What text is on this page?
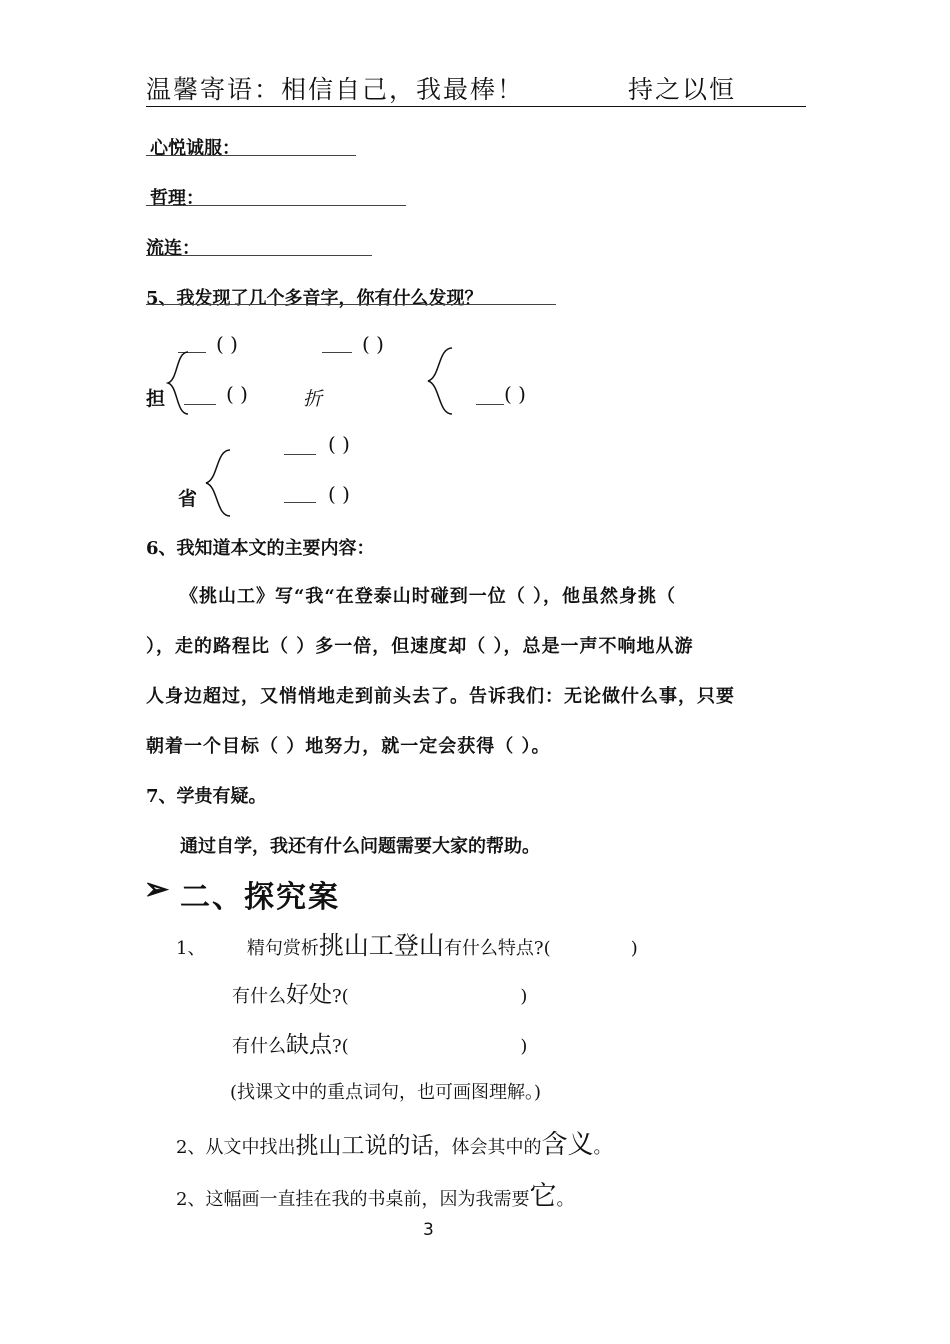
温馨寄语：相信自己，我最棒！	持之以恒
心悦诚服：
哲理：
流连：
5、我发现了几个多音字，你有什么发现？
( )
担	( )	折
( )
( )
( )
省	( )
6、我知道本文的主要内容：
《挑山工》写“我“在登泰山时碰到一位（ ），他虽然身挑（
），走的路程比（ ）多一倍，但速度却（ ），总是一声不响地从游
人身边超过，又悄悄地走到前头去了。告诉我们：无论做什么事，只要
朝着一个目标（ ）地努力，就一定会获得（ ）。
7、学贵有疑。
通过自学，我还有什么问题需要大家的帮助。
➢ 二、探究案
1、 精句赏析挑山工登山有什么特点?(              )
有什么好处?(                              )
有什么缺点?(                              )
(找课文中的重点词句，也可画图理解。)
2、从文中找出挑山工说的话，体会其中的含义。
2、这幅画一直挂在我的书桌前，因为我需要它。
3
